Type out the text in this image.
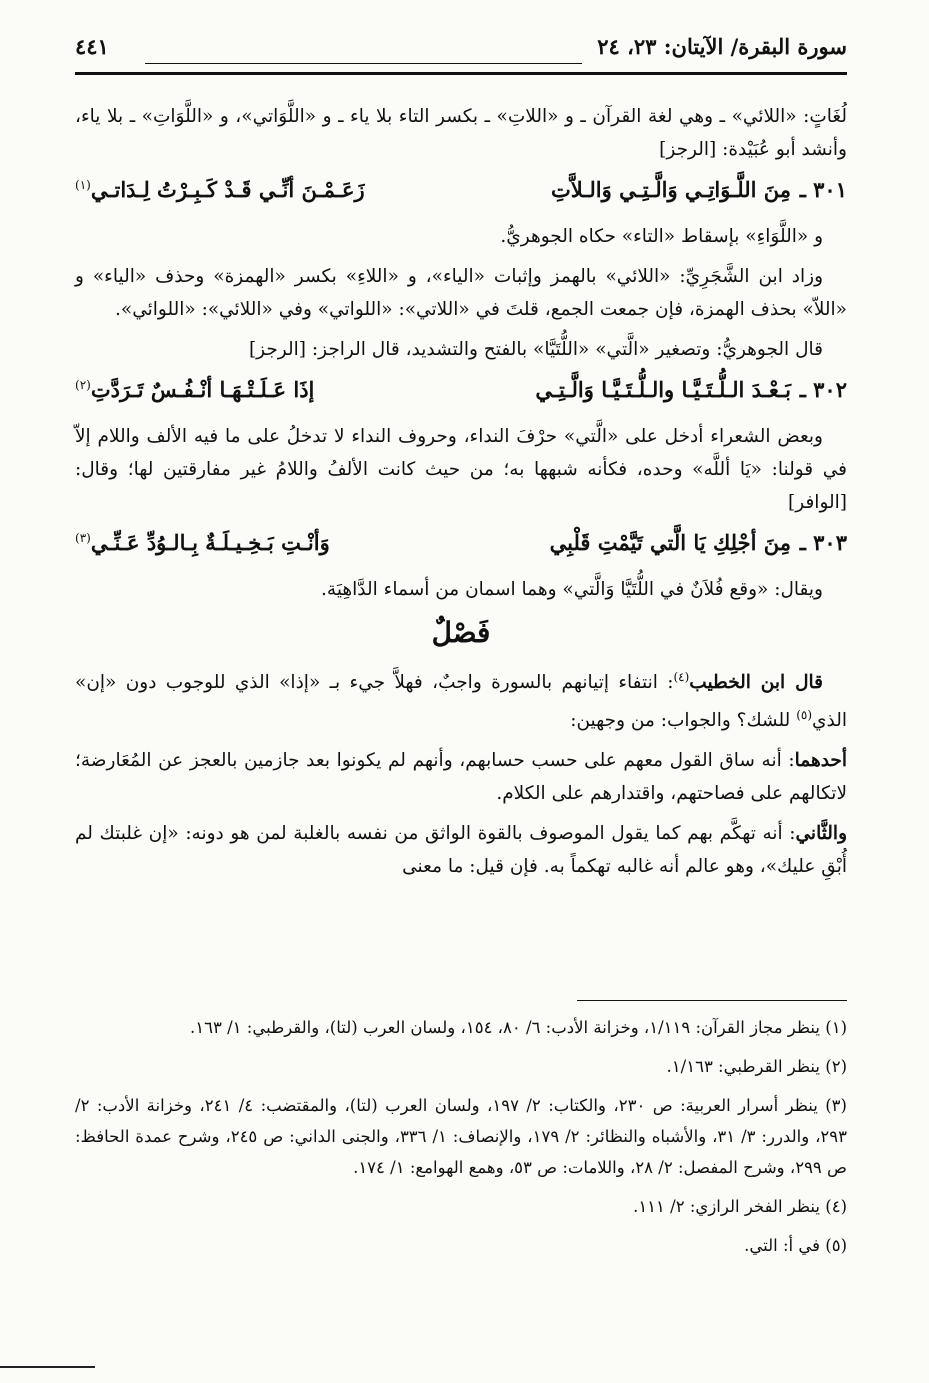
سورة البقرة/ الآيتان: ٢٣، ٢٤
٤٤١

لُغَاتٍ: «اللائي» ـ وهي لغة القرآن ـ و «اللاتِ» ـ بكسر التاء بلا ياء ـ و «اللَّوَاتي»، و «اللَّوَاتِ» ـ بلا ياء، وأنشد أبو عُبَيْدة: [الرجز]

٣٠١ ـ
مِنَ اللَّـوَاتِـي وَالَّـتِـي وَالـلاَّتِ
زَعَـمْـنَ أنِّـي قَـدْ كَـبِـرْتُ لِـدَاتـي$^{(١)}$

و «اللَّوَاءِ» بإسقاط «التاء» حكاه الجوهريُّ.

وزاد ابن الشَّجَرِيِّ: «اللائي» بالهمز وإثبات «الياء»، و «اللاءِ» بكسر «الهمزة» وحذف «الياء» و «اللاّ» بحذف الهمزة، فإن جمعت الجمع، قلتَ في «اللاتي»: «اللواتي» وفي «اللائي»: «اللوائي».

قال الجوهريُّ: وتصغير «الَّتي» «اللُّتَيَّا» بالفتح والتشديد، قال الراجز: [الرجز]

٣٠٢ ـ
بَـعْـدَ الـلُّـتَـيَّـا والـلُّـتَـيَّـا وَالَّـتِـي
إذَا عَـلَـتْـهَـا أنْـفُـسٌ تَـرَدَّتِ$^{(٢)}$

وبعض الشعراء أدخل على «الَّتي» حرْفَ النداء، وحروف النداء لا تدخلُ على ما فيه الألف واللام إلاّ في قولنا: «يَا أللَّه» وحده، فكأنه شبهها به؛ من حيث كانت الألفُ واللامُ غير مفارقتين لها؛ وقال: [الوافر]

٣٠٣ ـ
مِنَ أجْلِكِ يَا الَّتي تَيَّمْتِ قَلْبِي
وَأنْـتِ بَـخِـيـلَـةٌ بِـالـوُدِّ عَـنِّـي$^{(٣)}$

ويقال: «وقع فُلاَنٌ في اللُّتَيَّا وَالَّتي» وهما اسمان من أسماء الدَّاهِيَة.

فَصْلٌ

قال ابن الخطيب$^{(٤)}$: انتفاء إتيانهم بالسورة واجبٌ، فهلاَّ جيء بـ «إذا» الذي للوجوب دون «إن» الذي$^{(٥)}$ للشك؟ والجواب: من وجهين:

أحدهما: أنه ساق القول معهم على حسب حسابهم، وأنهم لم يكونوا بعد جازمين بالعجز عن المُعَارضة؛ لاتكالهم على فصاحتهم، واقتدارهم على الكلام.

والثَّاني: أنه تهكَّم بهم كما يقول الموصوف بالقوة الواثق من نفسه بالغلبة لمن هو دونه: «إن غلبتك لم أُبْقِ عليك»، وهو عالم أنه غالبه تهكماً به. فإن قيل: ما معنى

(١) ينظر مجاز القرآن: ١/١١٩، وخزانة الأدب: ٦/ ٨٠، ١٥٤، ولسان العرب (لتا)، والقرطبي: ١/ ١٦٣.

(٢) ينظر القرطبي: ١/١٦٣.

(٣) ينظر أسرار العربية: ص ٢٣٠، والكتاب: ٢/ ١٩٧، ولسان العرب (لتا)، والمقتضب: ٤/ ٢٤١، وخزانة الأدب: ٢/ ٢٩٣، والدرر: ٣/ ٣١، والأشباه والنظائر: ٢/ ١٧٩، والإنصاف: ١/ ٣٣٦، والجنى الداني: ص ٢٤٥، وشرح عمدة الحافظ: ص ٢٩٩، وشرح المفصل: ٢/ ٢٨، واللامات: ص ٥٣، وهمع الهوامع: ١/ ١٧٤.

(٤) ينظر الفخر الرازي: ٢/ ١١١.

(٥) في أ: التي.
